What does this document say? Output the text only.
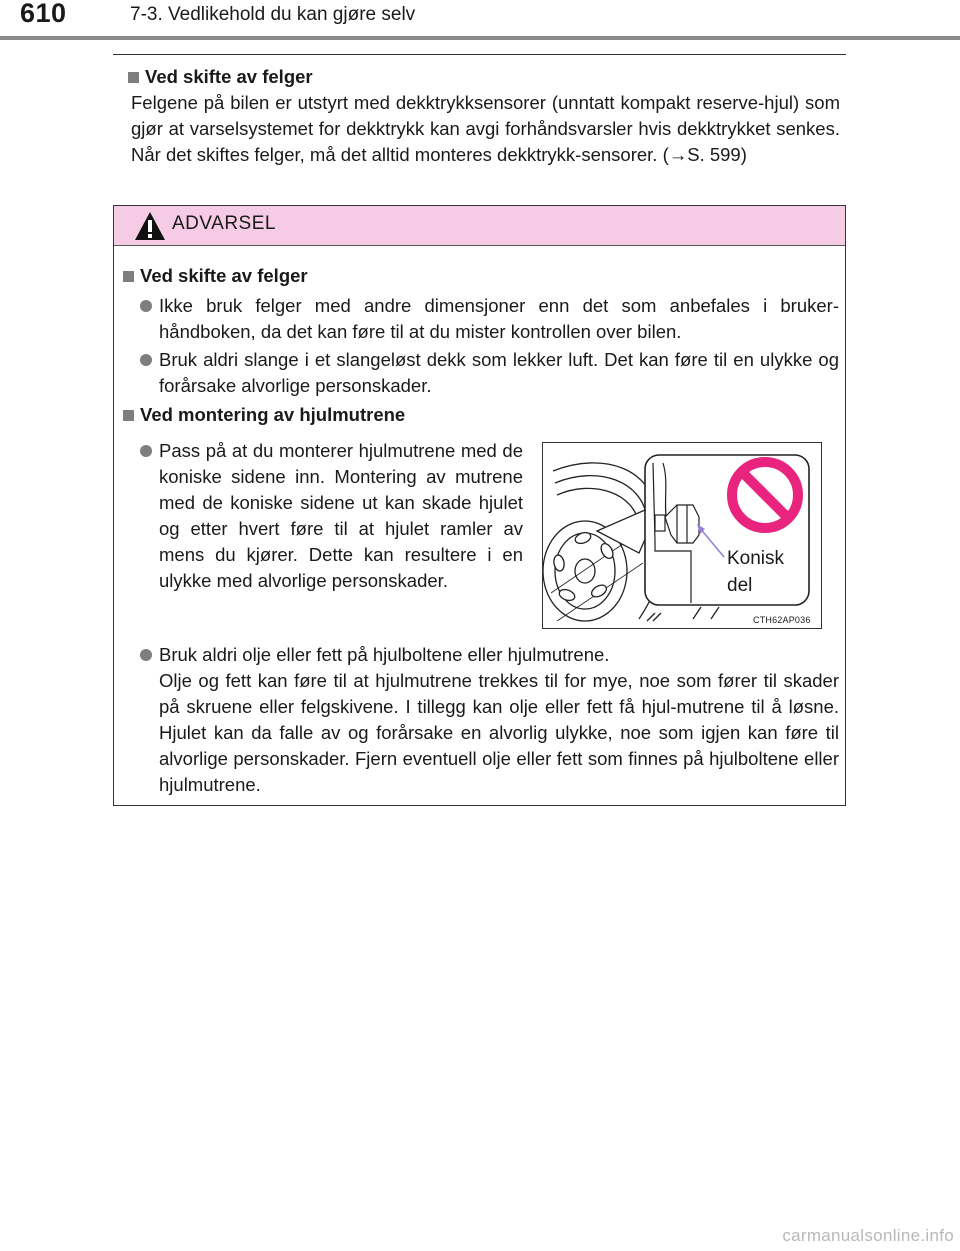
610	7-3. Vedlikehold du kan gjøre selv
Ved skifte av felger
Felgene på bilen er utstyrt med dekktrykksensorer (unntatt kompakt reserve-hjul) som gjør at varselsystemet for dekktrykk kan avgi forhåndsvarsler hvis dekktrykket senkes. Når det skiftes felger, må det alltid monteres dekktrykk-sensorer. (→S. 599)
ADVARSEL
Ved skifte av felger
Ikke bruk felger med andre dimensjoner enn det som anbefales i bruker-håndboken, da det kan føre til at du mister kontrollen over bilen.
Bruk aldri slange i et slangeløst dekk som lekker luft. Det kan føre til en ulykke og forårsake alvorlige personskader.
Ved montering av hjulmutrene
Pass på at du monterer hjulmutrene med de koniske sidene inn. Montering av mutrene med de koniske sidene ut kan skade hjulet og etter hvert føre til at hjulet ramler av mens du kjører. Dette kan resultere i en ulykke med alvorlige personskader.
Bruk aldri olje eller fett på hjulboltene eller hjulmutrene.
Olje og fett kan føre til at hjulmutrene trekkes til for mye, noe som fører til skader på skruene eller felgskivene. I tillegg kan olje eller fett få hjul-mutrene til å løsne. Hjulet kan da falle av og forårsake en alvorlig ulykke, noe som igjen kan føre til alvorlige personskader. Fjern eventuell olje eller fett som finnes på hjulboltene eller hjulmutrene.
Konisk
del
CTH62AP036
carmanualsonline.info
